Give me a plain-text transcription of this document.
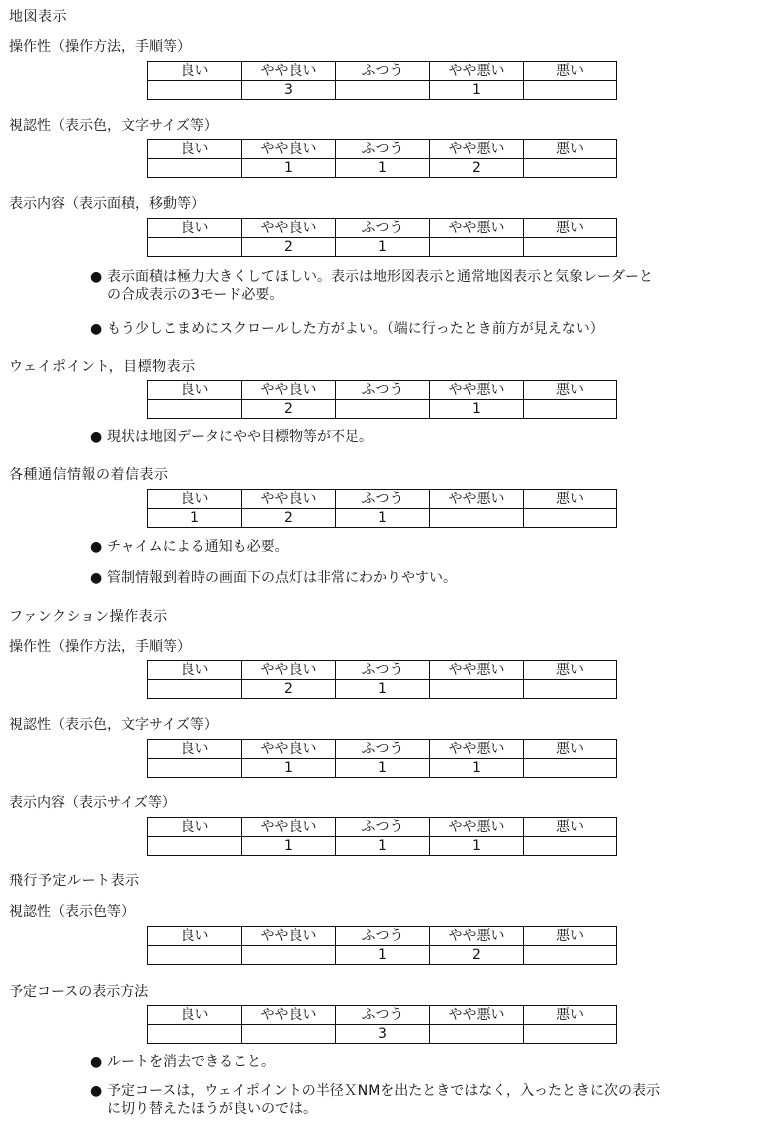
地図表示
操作性（操作方法，手順等）
良い	やや良い	ふつう	やや悪い	悪い
	3		1	
視認性（表示色，文字サイズ等）
良い	やや良い	ふつう	やや悪い	悪い
	1	1	2	
表示内容（表示面積，移動等）
良い	やや良い	ふつう	やや悪い	悪い
	2	1		
● 表示面積は極力大きくしてほしい。表示は地形図表示と通常地図表示と気象レーダーと
の合成表示の3モード必要。
● もう少しこまめにスクロールした方がよい。（端に行ったとき前方が見えない）
ウェイポイント，目標物表示
良い	やや良い	ふつう	やや悪い	悪い
	2		1	
● 現状は地図データにやや目標物等が不足。
各種通信情報の着信表示
良い	やや良い	ふつう	やや悪い	悪い
1	2	1		
● チャイムによる通知も必要。
● 管制情報到着時の画面下の点灯は非常にわかりやすい。
ファンクション操作表示
操作性（操作方法，手順等）
良い	やや良い	ふつう	やや悪い	悪い
	2	1		
視認性（表示色，文字サイズ等）
良い	やや良い	ふつう	やや悪い	悪い
	1	1	1	
表示内容（表示サイズ等）
良い	やや良い	ふつう	やや悪い	悪い
	1	1	1	
飛行予定ルート表示
視認性（表示色等）
良い	やや良い	ふつう	やや悪い	悪い
		1	2	
予定コースの表示方法
良い	やや良い	ふつう	やや悪い	悪い
		3		
● ルートを消去できること。
● 予定コースは，ウェイポイントの半径ＸNMを出たときではなく，入ったときに次の表示
に切り替えたほうが良いのでは。
